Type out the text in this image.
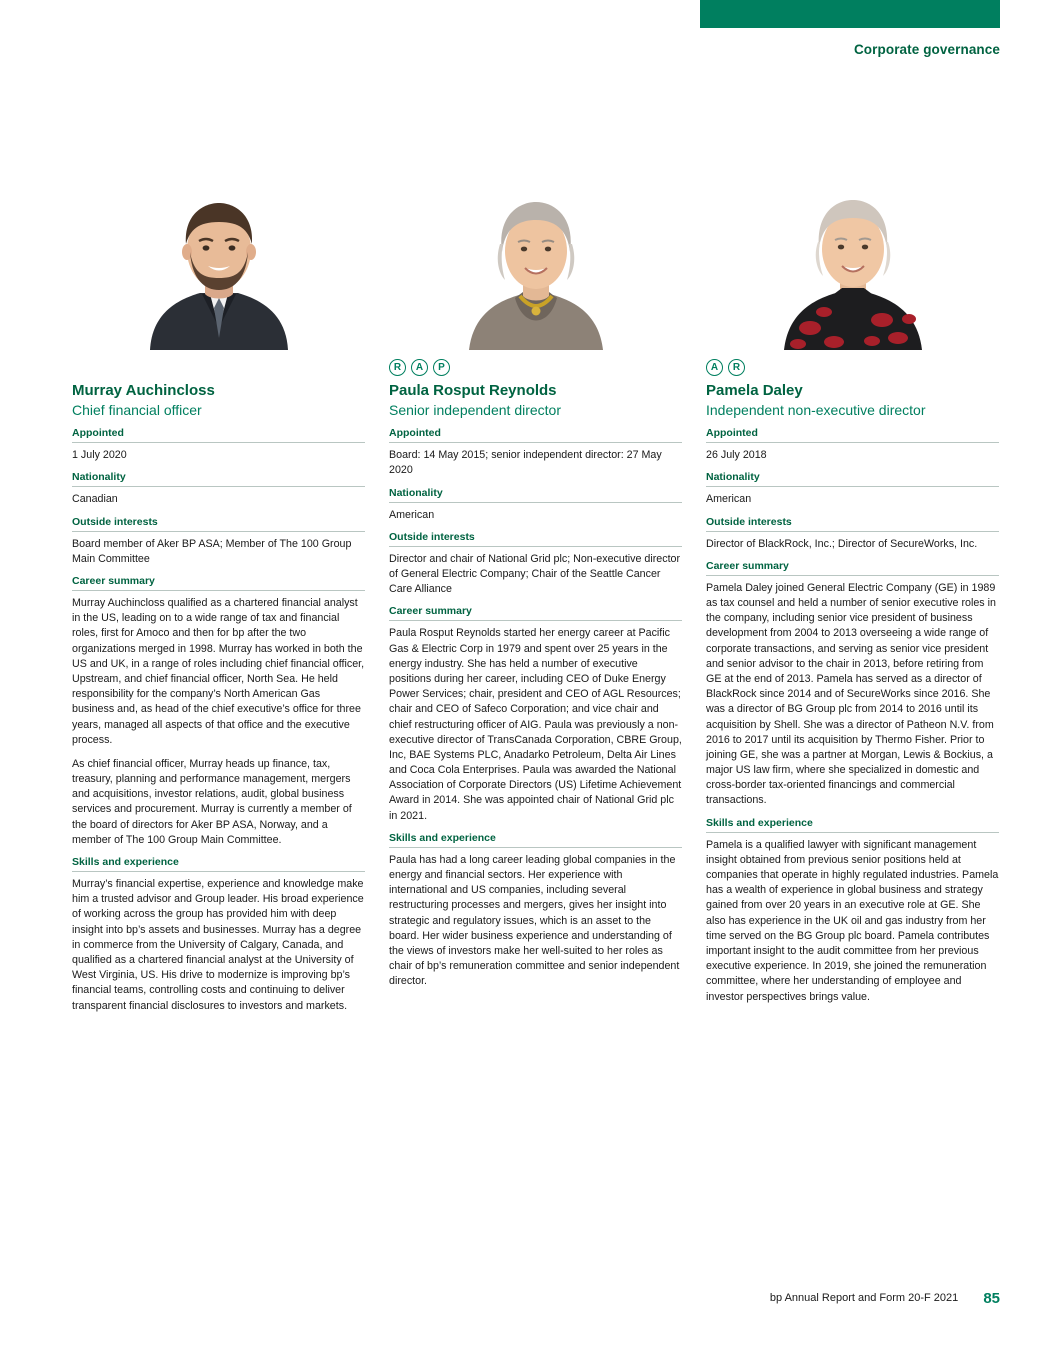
Corporate governance
Murray Auchincloss
Chief financial officer
Appointed
1 July 2020
Nationality
Canadian
Outside interests
Board member of Aker BP ASA; Member of The 100 Group Main Committee
Career summary

Murray Auchincloss qualified as a chartered financial analyst in the US, leading on to a wide range of tax and financial roles, first for Amoco and then for bp after the two organizations merged in 1998. Murray has worked in both the US and UK, in a range of roles including chief financial officer, Upstream, and chief financial officer, North Sea. He held responsibility for the company’s North American Gas business and, as head of the chief executive’s office for three years, managed all aspects of that office and the executive process.

As chief financial officer, Murray heads up finance, tax, treasury, planning and performance management, mergers and acquisitions, investor relations, audit, global business services and procurement. Murray is currently a member of the board of directors for Aker BP ASA, Norway, and a member of The 100 Group Main Committee.

Skills and experience

Murray’s financial expertise, experience and knowledge make him a trusted advisor and Group leader. His broad experience of working across the group has provided him with deep insight into bp’s assets and businesses. Murray has a degree in commerce from the University of Calgary, Canada, and qualified as a chartered financial analyst at the University of West Virginia, US. His drive to modernize is improving bp’s financial teams, controlling costs and continuing to deliver transparent financial disclosures to investors and markets.

R	A	P
Paula Rosput Reynolds
Senior independent director
Appointed
Board: 14 May 2015; senior independent director: 27 May 2020
Nationality
American
Outside interests
Director and chair of National Grid plc; Non-executive director of General Electric Company; Chair of the Seattle Cancer Care Alliance
Career summary

Paula Rosput Reynolds started her energy career at Pacific Gas & Electric Corp in 1979 and spent over 25 years in the energy industry. She has held a number of executive positions during her career, including CEO of Duke Energy Power Services; chair, president and CEO of AGL Resources; chair and CEO of Safeco Corporation; and vice chair and chief restructuring officer of AIG. Paula was previously a non-executive director of TransCanada Corporation, CBRE Group, Inc, BAE Systems PLC, Anadarko Petroleum, Delta Air Lines and Coca Cola Enterprises. Paula was awarded the National Association of Corporate Directors (US) Lifetime Achievement Award in 2014. She was appointed chair of National Grid plc in 2021.

Skills and experience

Paula has had a long career leading global companies in the energy and financial sectors. Her experience with international and US companies, including several restructuring processes and mergers, gives her insight into strategic and regulatory issues, which is an asset to the board. Her wider business experience and understanding of the views of investors make her well-suited to her roles as chair of bp’s remuneration committee and senior independent director.

A	R
Pamela Daley
Independent non-executive director
Appointed
26 July 2018
Nationality
American
Outside interests
Director of BlackRock, Inc.; Director of SecureWorks, Inc.
Career summary

Pamela Daley joined General Electric Company (GE) in 1989 as tax counsel and held a number of senior executive roles in the company, including senior vice president of business development from 2004 to 2013 overseeing a wide range of corporate transactions, and serving as senior vice president and senior advisor to the chair in 2013, before retiring from GE at the end of 2013. Pamela has served as a director of BlackRock since 2014 and of SecureWorks since 2016. She was a director of BG Group plc from 2014 to 2016 until its acquisition by Shell. She was a director of Patheon N.V. from 2016 to 2017 until its acquisition by Thermo Fisher. Prior to joining GE, she was a partner at Morgan, Lewis & Bockius, a major US law firm, where she specialized in domestic and cross-border tax-oriented financings and commercial transactions.

Skills and experience

Pamela is a qualified lawyer with significant management insight obtained from previous senior positions held at companies that operate in highly regulated industries. Pamela has a wealth of experience in global business and strategy gained from over 20 years in an executive role at GE. She also has experience in the UK oil and gas industry from her time served on the BG Group plc board. Pamela contributes important insight to the audit committee from her previous executive experience. In 2019, she joined the remuneration committee, where her understanding of employee and investor perspectives brings value.

bp Annual Report and Form 20-F 2021 85
